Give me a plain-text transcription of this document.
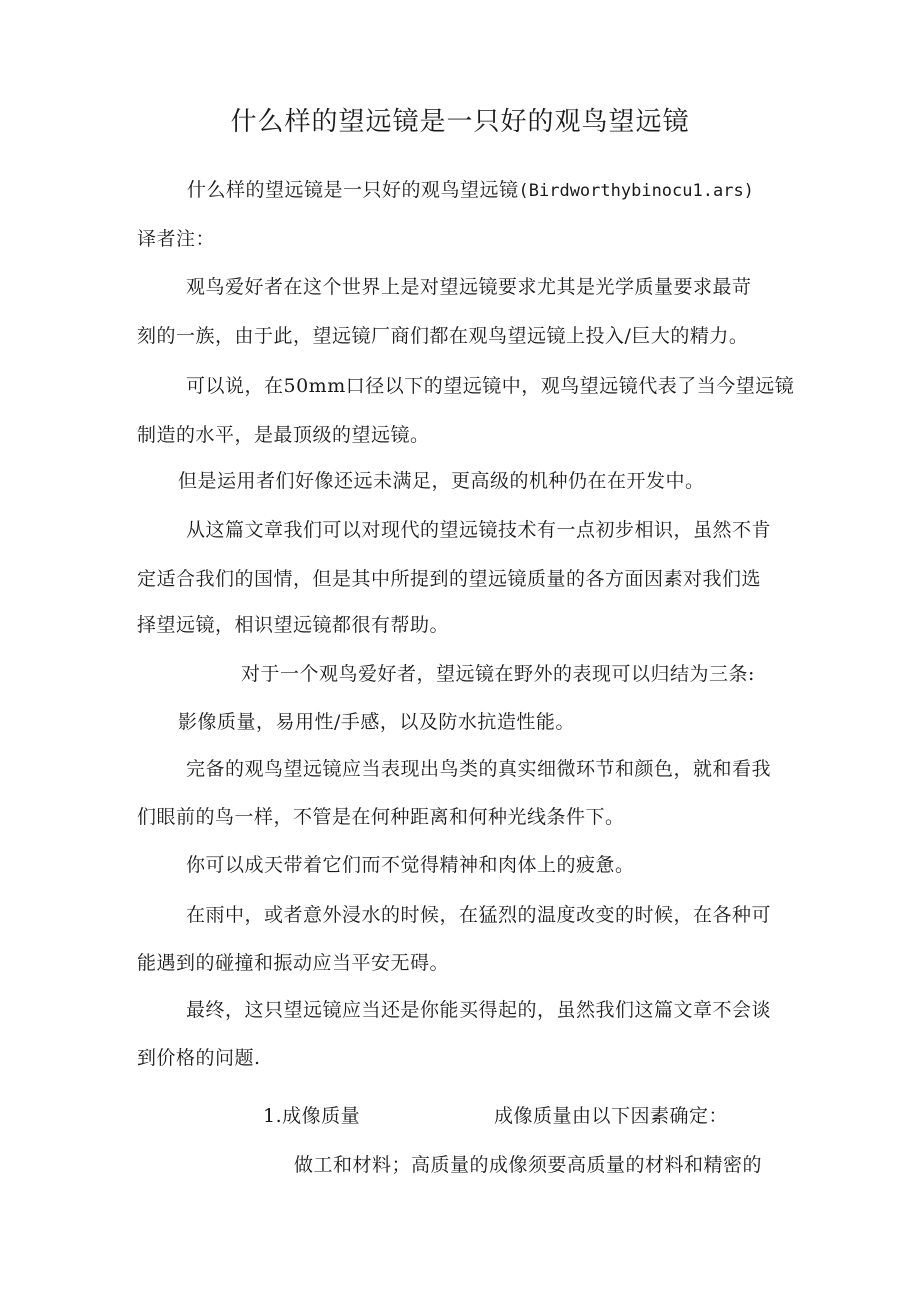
什么样的望远镜是一只好的观鸟望远镜
什么样的望远镜是一只好的观鸟望远镜(Birdworthybinocu1.ars)
译者注：
观鸟爱好者在这个世界上是对望远镜要求尤其是光学质量要求最苛
刻的一族，由于此，望远镜厂商们都在观鸟望远镜上投入/巨大的精力。
可以说，在50mm口径以下的望远镜中，观鸟望远镜代表了当今望远镜
制造的水平，是最顶级的望远镜。
但是运用者们好像还远未满足，更高级的机种仍在在开发中。
从这篇文章我们可以对现代的望远镜技术有一点初步相识，虽然不肯
定适合我们的国情，但是其中所提到的望远镜质量的各方面因素对我们选
择望远镜，相识望远镜都很有帮助。
对于一个观鸟爱好者，望远镜在野外的表现可以归结为三条:
影像质量，易用性/手感，以及防水抗造性能。
完备的观鸟望远镜应当表现出鸟类的真实细微环节和颜色，就和看我
们眼前的鸟一样，不管是在何种距离和何种光线条件下。
你可以成天带着它们而不觉得精神和肉体上的疲惫。
在雨中，或者意外浸水的时候，在猛烈的温度改变的时候，在各种可
能遇到的碰撞和振动应当平安无碍。
最终，这只望远镜应当还是你能买得起的，虽然我们这篇文章不会谈
到价格的问题.
1.成像质量	成像质量由以下因素确定：
做工和材料；高质量的成像须要高质量的材料和精密的
